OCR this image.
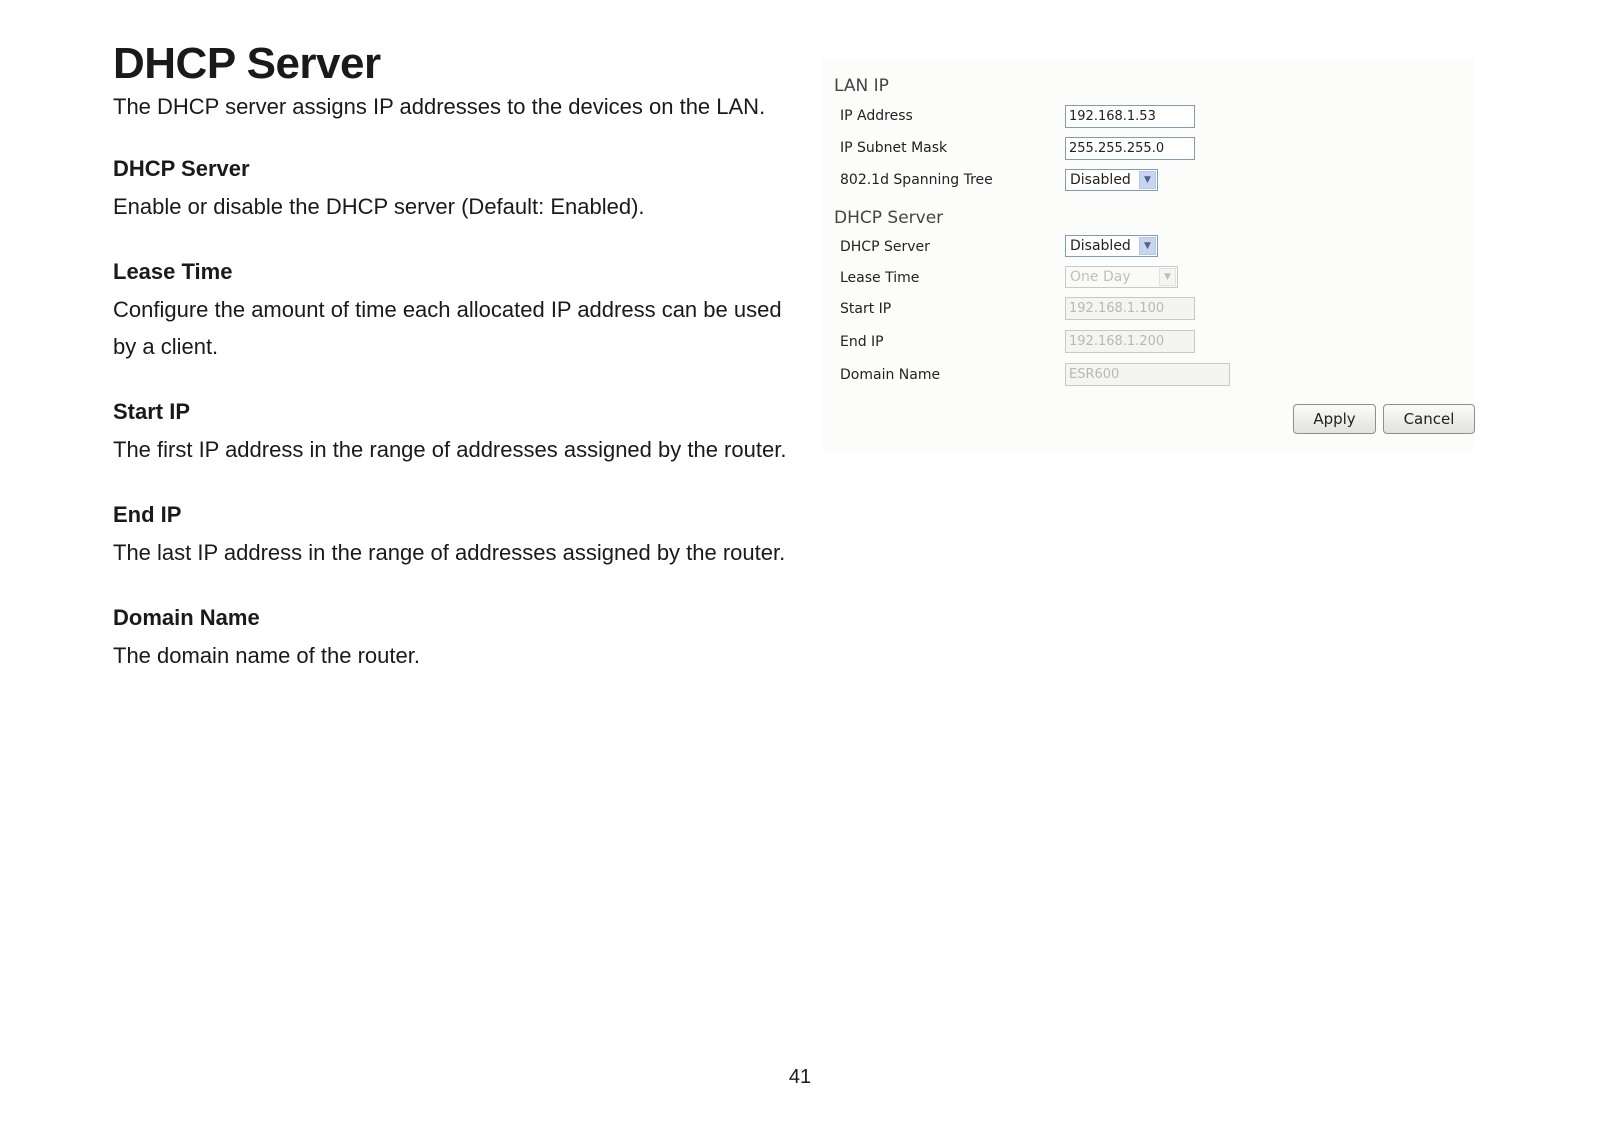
DHCP Server

The DHCP server assigns IP addresses to the devices on the LAN.

DHCP Server

Enable or disable the DHCP server (Default: Enabled).

Lease Time

Configure the amount of time each allocated IP address can be used by a client.

Start IP

The first IP address in the range of addresses assigned by the router.

End IP

The last IP address in the range of addresses assigned by the router.

Domain Name

The domain name of the router.

LAN IP
IP Address	192.168.1.53
IP Subnet Mask	255.255.255.0
802.1d Spanning Tree	Disabled	▼
DHCP Server
DHCP Server	Disabled	▼
Lease Time	One Day	▼
Start IP	192.168.1.100
End IP	192.168.1.200
Domain Name	ESR600
Apply	Cancel
41
